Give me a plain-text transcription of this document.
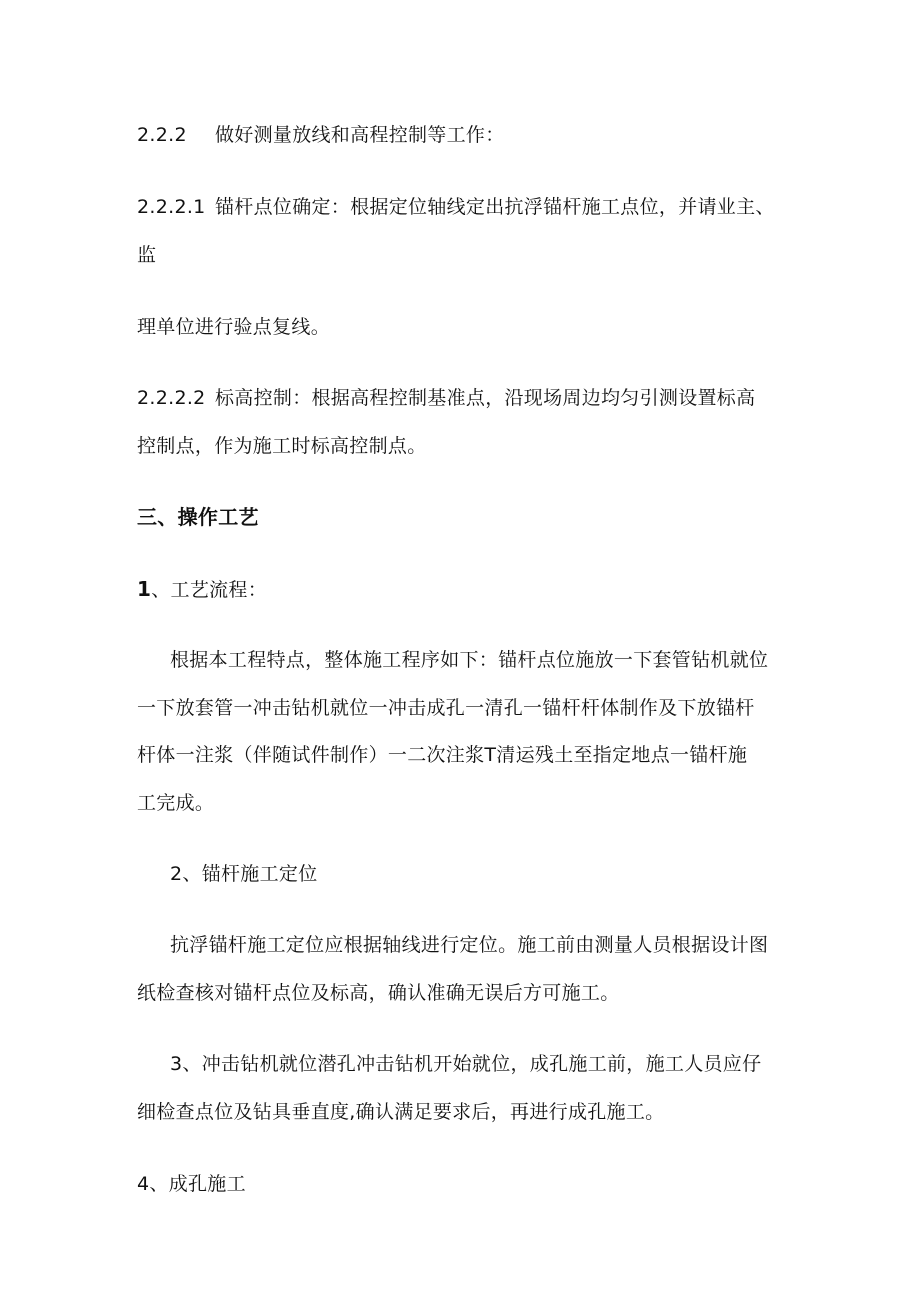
2.2.2 做好测量放线和高程控制等工作：
2.2.2.1 锚杆点位确定：根据定位轴线定出抗浮锚杆施工点位，并请业主、
监
理单位进行验点复线。
2.2.2.2 标高控制：根据高程控制基准点，沿现场周边均匀引测设置标高
控制点，作为施工时标高控制点。
三、操作工艺
1、工艺流程：
根据本工程特点，整体施工程序如下：锚杆点位施放一下套管钻机就位
一下放套管一冲击钻机就位一冲击成孔一清孔一锚杆杆体制作及下放锚杆
杆体一注浆（伴随试件制作）一二次注浆T清运残土至指定地点一锚杆施
工完成。
2、锚杆施工定位
抗浮锚杆施工定位应根据轴线进行定位。施工前由测量人员根据设计图
纸检查核对锚杆点位及标高，确认准确无误后方可施工。
3、冲击钻机就位潜孔冲击钻机开始就位，成孔施工前，施工人员应仔
细检查点位及钻具垂直度,确认满足要求后，再进行成孔施工。
4、成孔施工
